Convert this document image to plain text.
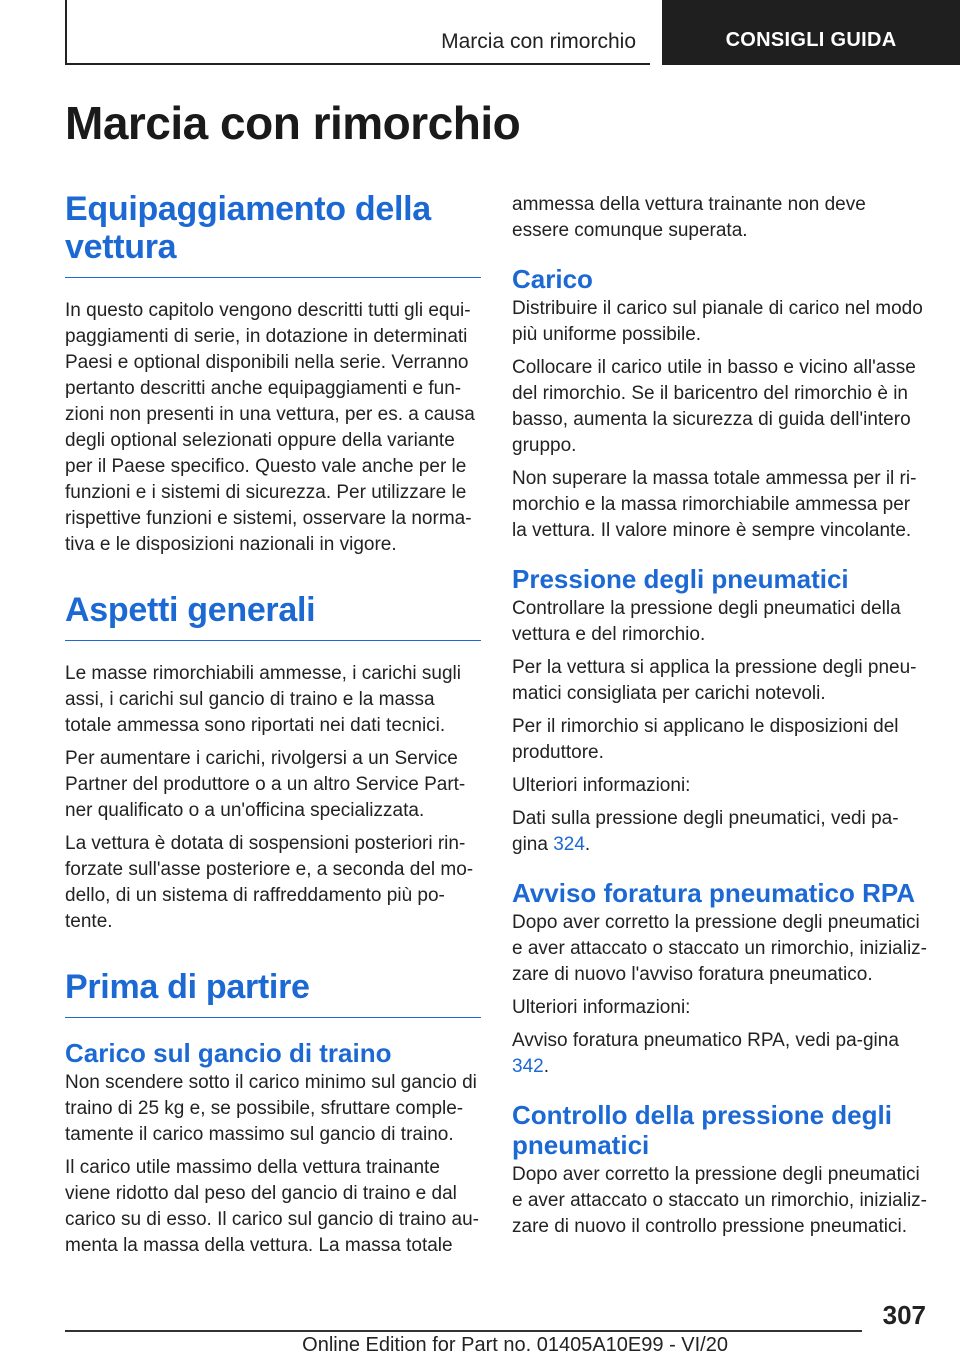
Marcia con rimorchio	CONSIGLI GUIDA
Marcia con rimorchio
Equipaggiamento della vettura

In questo capitolo vengono descritti tutti gli equi-paggiamenti di serie, in dotazione in determinati Paesi e optional disponibili nella serie. Verranno pertanto descritti anche equipaggiamenti e fun-zioni non presenti in una vettura, per es. a causa degli optional selezionati oppure della variante per il Paese specifico. Questo vale anche per le funzioni e i sistemi di sicurezza. Per utilizzare le rispettive funzioni e sistemi, osservare la norma-tiva e le disposizioni nazionali in vigore.

Aspetti generali

Le masse rimorchiabili ammesse, i carichi sugli assi, i carichi sul gancio di traino e la massa totale ammessa sono riportati nei dati tecnici.

Per aumentare i carichi, rivolgersi a un Service Partner del produttore o a un altro Service Part-ner qualificato o a un'officina specializzata.

La vettura è dotata di sospensioni posteriori rin-forzate sull'asse posteriore e, a seconda del mo-dello, di un sistema di raffreddamento più po-tente.

Prima di partire
Carico sul gancio di traino

Non scendere sotto il carico minimo sul gancio di traino di 25 kg e, se possibile, sfruttare comple-tamente il carico massimo sul gancio di traino.

Il carico utile massimo della vettura trainante viene ridotto dal peso del gancio di traino e dal carico su di esso. Il carico sul gancio di traino au-menta la massa della vettura. La massa totale

ammessa della vettura trainante non deve essere comunque superata.

Carico

Distribuire il carico sul pianale di carico nel modo più uniforme possibile.

Collocare il carico utile in basso e vicino all'asse del rimorchio. Se il baricentro del rimorchio è in basso, aumenta la sicurezza di guida dell'intero gruppo.

Non superare la massa totale ammessa per il ri-morchio e la massa rimorchiabile ammessa per la vettura. Il valore minore è sempre vincolante.

Pressione degli pneumatici

Controllare la pressione degli pneumatici della vettura e del rimorchio.

Per la vettura si applica la pressione degli pneu-matici consigliata per carichi notevoli.

Per il rimorchio si applicano le disposizioni del produttore.

Ulteriori informazioni:

Dati sulla pressione degli pneumatici, vedi pa-gina 324.

Avviso foratura pneumatico RPA

Dopo aver corretto la pressione degli pneumatici e aver attaccato o staccato un rimorchio, inizializ-zare di nuovo l'avviso foratura pneumatico.

Ulteriori informazioni:

Avviso foratura pneumatico RPA, vedi pa-gina 342.

Controllo della pressione degli pneumatici

Dopo aver corretto la pressione degli pneumatici e aver attaccato o staccato un rimorchio, inizializ-zare di nuovo il controllo pressione pneumatici.

307
Online Edition for Part no. 01405A10E99 - VI/20
